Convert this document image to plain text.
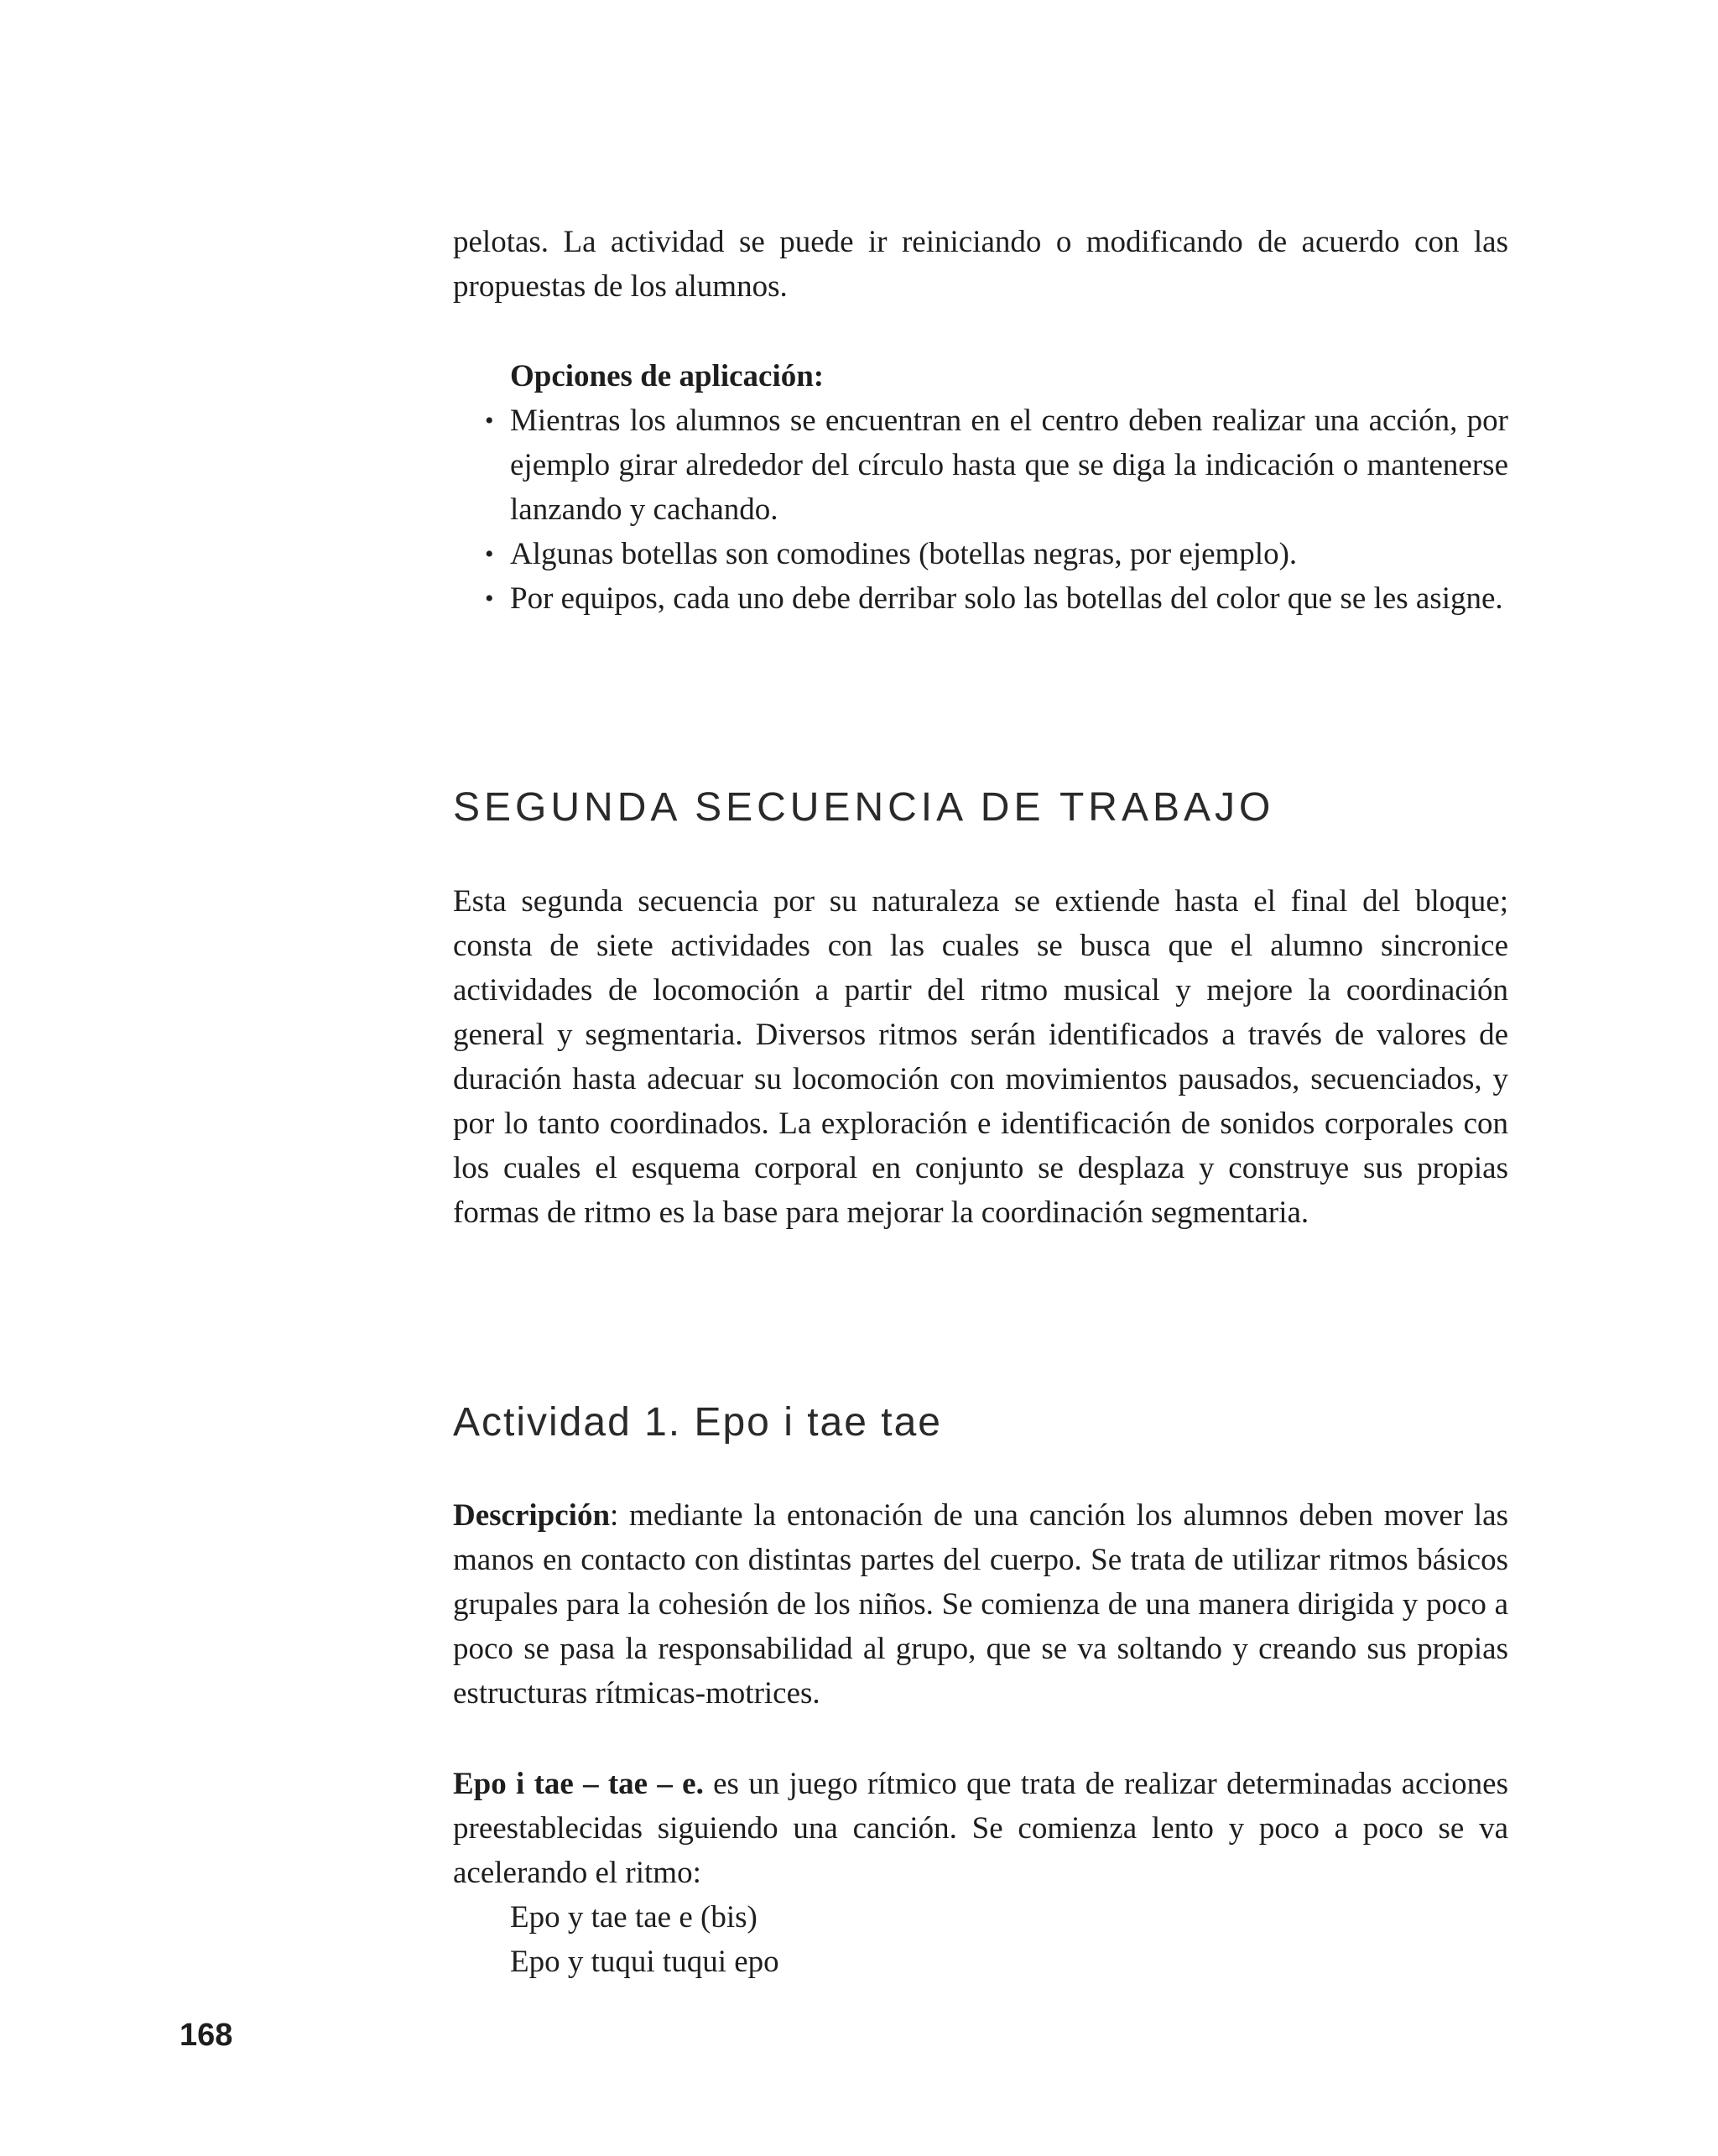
pelotas. La actividad se puede ir reiniciando o modificando de acuerdo con las propuestas de los alumnos.

Opciones de aplicación:

• Mientras los alumnos se encuentran en el centro deben realizar una acción, por ejemplo girar alrededor del círculo hasta que se diga la indicación o mantenerse lanzando y cachando.
• Algunas botellas son comodines (botellas negras, por ejemplo).
• Por equipos, cada uno debe derribar solo las botellas del color que se les asigne.
SEGUNDA SECUENCIA DE TRABAJO

Esta segunda secuencia por su naturaleza se extiende hasta el final del bloque; consta de siete actividades con las cuales se busca que el alumno sincronice actividades de locomoción a partir del ritmo musical y mejore la coordinación general y segmentaria. Diversos ritmos serán identificados a través de valores de duración hasta adecuar su locomoción con movimientos pausados, secuenciados, y por lo tanto coordinados. La exploración e identificación de sonidos corporales con los cuales el esquema corporal en conjunto se desplaza y construye sus propias formas de ritmo es la base para mejorar la coordinación segmentaria.

Actividad 1. Epo i tae tae

Descripción: mediante la entonación de una canción los alumnos deben mover las manos en contacto con distintas partes del cuerpo. Se trata de utilizar ritmos básicos grupales para la cohesión de los niños. Se comienza de una manera dirigida y poco a poco se pasa la responsabilidad al grupo, que se va soltando y creando sus propias estructuras rítmicas-motrices.

Epo i tae – tae – e. es un juego rítmico que trata de realizar determinadas acciones preestablecidas siguiendo una canción. Se comienza lento y poco a poco se va acelerando el ritmo:

Epo y tae tae e (bis)
Epo y tuqui tuqui epo
168
